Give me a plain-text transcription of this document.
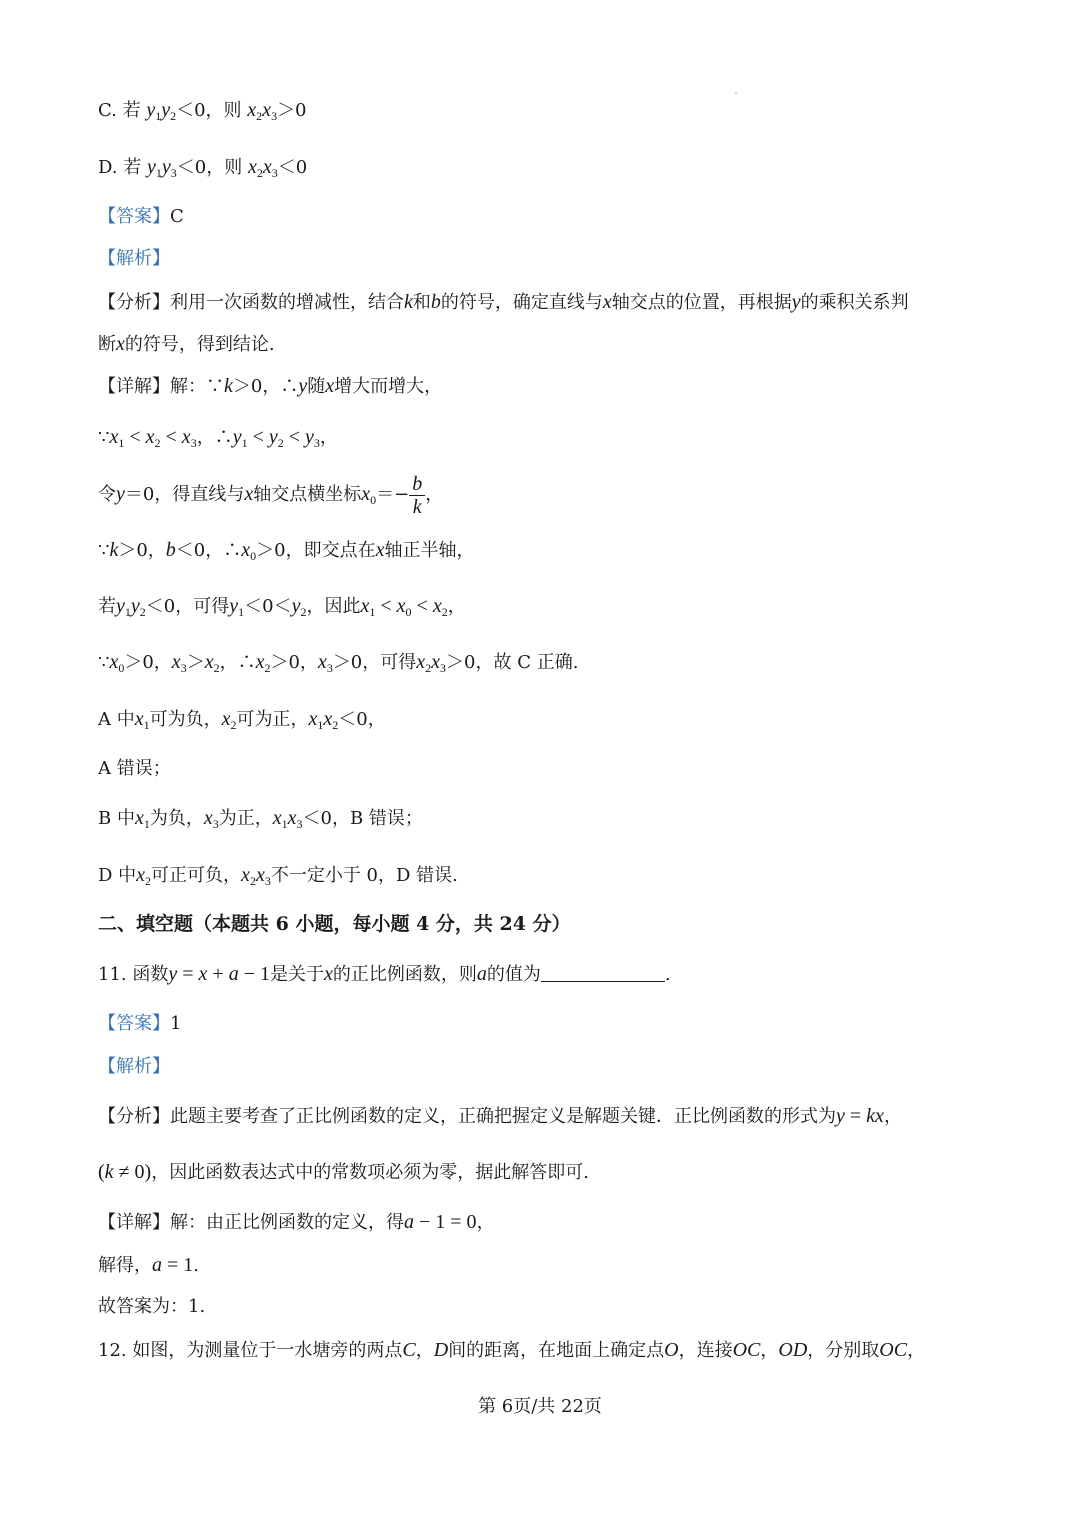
C. 若 $y_1y_2<0$，则 $x_2x_3>0$
D. 若 $y_1y_3<0$，则 $x_2x_3<0$
【答案】C
【解析】
【分析】利用一次函数的增减性，结合k和b的符号，确定直线与x轴交点的位置，再根据y的乘积关系判
断x的符号，得到结论.
【详解】解：∵k＞0，∴y随x增大而增大，
$\because x_1 < x_2 < x_3$，$\therefore y_1 < y_2 < y_3$，
令y＝0，得直线与x轴交点横坐标$x_0=- \frac{b}{k}$ ，
∵k＞0，b＜0，$\therefore x_0>0$，即交点在x轴正半轴，
若$y_1y_2<0$，可得$y_1<0<y_2$，因此$x_1 < x_0 < x_2$，
$\because x_0>0$，$x_3>x_2$，$\therefore x_2>0$，$x_3>0$，可得$x_2x_3>0$，故 C 正确.
A 中$x_1$可为负，$x_2$可为正，$x_1x_2<0$，
A 错误；
B 中$x_1$为负，$x_3$为正，$x_1x_3<0$，B 错误；
D 中$x_2$可正可负，$x_2x_3$不一定小于 0，D 错误.
二、填空题（本题共 6 小题，每小题 4 分，共 24 分）
11. 函数y = x + a − 1是关于x的正比例函数，则a的值为	.
【答案】1
【解析】
【分析】此题主要考查了正比例函数的定义，正确把握定义是解题关键．正比例函数的形式为y = kx，
(k ≠ 0)，因此函数表达式中的常数项必须为零，据此解答即可.
【详解】解：由正比例函数的定义，得a − 1 = 0，
解得，a = 1.
故答案为：1.
12. 如图，为测量位于一水塘旁的两点C，D间的距离，在地面上确定点O，连接OC，OD，分别取OC，
第 6页/共 22页
